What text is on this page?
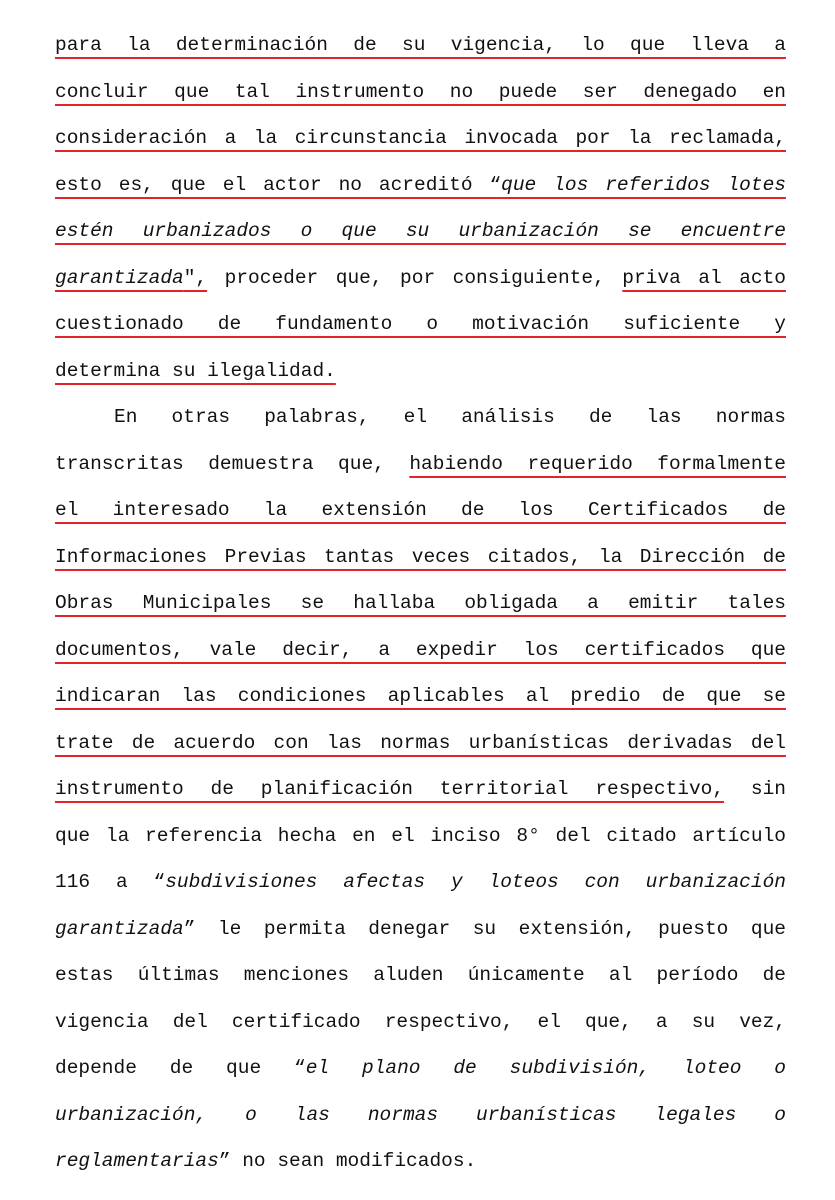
para la determinación de su vigencia, lo que lleva a
concluir que tal instrumento no puede ser denegado en
consideración a la circunstancia invocada por la reclamada,
esto es, que el actor no acreditó “que los referidos lotes
estén urbanizados o que su urbanización se encuentre
garantizada", proceder que, por consiguiente, priva al acto
cuestionado de fundamento o motivación suficiente y
determina su ilegalidad.
En otras palabras, el análisis de las normas
transcritas demuestra que, habiendo requerido formalmente
el interesado la extensión de los Certificados de
Informaciones Previas tantas veces citados, la Dirección de
Obras Municipales se hallaba obligada a emitir tales
documentos, vale decir, a expedir los certificados que
indicaran las condiciones aplicables al predio de que se
trate de acuerdo con las normas urbanísticas derivadas del
instrumento de planificación territorial respectivo, sin
que la referencia hecha en el inciso 8° del citado artículo
116 a “subdivisiones afectas y loteos con urbanización
garantizada” le permita denegar su extensión, puesto que
estas últimas menciones aluden únicamente al período de
vigencia del certificado respectivo, el que, a su vez,
depende de que “el plano de subdivisión, loteo o
urbanización, o las normas urbanísticas legales o
reglamentarias” no sean modificados.
